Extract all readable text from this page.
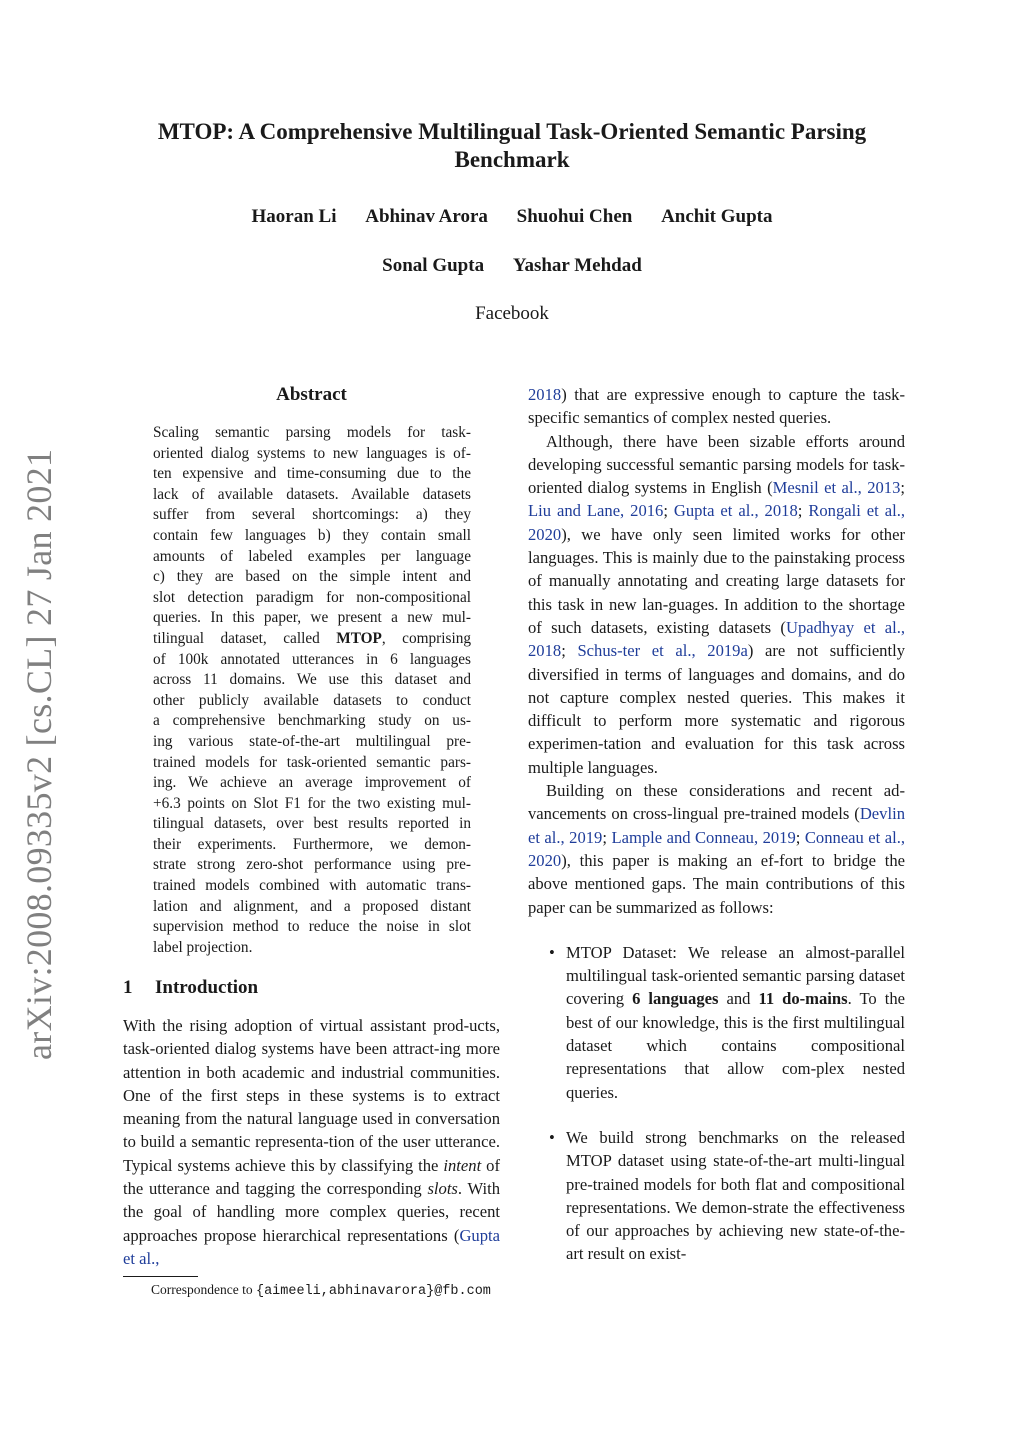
arXiv:2008.09335v2 [cs.CL] 27 Jan 2021
MTOP: A Comprehensive Multilingual Task-Oriented Semantic Parsing
Benchmark
Haoran Li Abhinav Arora Shuohui Chen Anchit Gupta
Sonal Gupta Yashar Mehdad
Facebook
Abstract
Scaling semantic parsing models for task-
oriented dialog systems to new languages is of-
ten expensive and time-consuming due to the
lack of available datasets. Available datasets
suffer from several shortcomings: a) they
contain few languages b) they contain small
amounts of labeled examples per language
c) they are based on the simple intent and
slot detection paradigm for non-compositional
queries. In this paper, we present a new mul-
tilingual dataset, called MTOP, comprising
of 100k annotated utterances in 6 languages
across 11 domains. We use this dataset and
other publicly available datasets to conduct
a comprehensive benchmarking study on us-
ing various state-of-the-art multilingual pre-
trained models for task-oriented semantic pars-
ing. We achieve an average improvement of
+6.3 points on Slot F1 for the two existing mul-
tilingual datasets, over best results reported in
their experiments. Furthermore, we demon-
strate strong zero-shot performance using pre-
trained models combined with automatic trans-
lation and alignment, and a proposed distant
supervision method to reduce the noise in slot
label projection.
1 Introduction

With the rising adoption of virtual assistant prod-ucts, task-oriented dialog systems have been attract-ing more attention in both academic and industrial communities. One of the first steps in these systems is to extract meaning from the natural language used in conversation to build a semantic representa-tion of the user utterance. Typical systems achieve this by classifying the intent of the utterance and tagging the corresponding slots. With the goal of handling more complex queries, recent approaches propose hierarchical representations (Gupta et al.,

Correspondence to {aimeeli,abhinavarora}@fb.com

2018) that are expressive enough to capture the task-specific semantics of complex nested queries.

Although, there have been sizable efforts around developing successful semantic parsing models for task-oriented dialog systems in English (Mesnil et al., 2013; Liu and Lane, 2016; Gupta et al., 2018; Rongali et al., 2020), we have only seen limited works for other languages. This is mainly due to the painstaking process of manually annotating and creating large datasets for this task in new lan-guages. In addition to the shortage of such datasets, existing datasets (Upadhyay et al., 2018; Schus-ter et al., 2019a) are not sufficiently diversified in terms of languages and domains, and do not capture complex nested queries. This makes it difficult to perform more systematic and rigorous experimen-tation and evaluation for this task across multiple languages.

Building on these considerations and recent ad-vancements on cross-lingual pre-trained models (Devlin et al., 2019; Lample and Conneau, 2019; Conneau et al., 2020), this paper is making an ef-fort to bridge the above mentioned gaps. The main contributions of this paper can be summarized as follows:

• MTOP Dataset: We release an almost-parallel multilingual task-oriented semantic parsing dataset covering 6 languages and 11 do-mains. To the best of our knowledge, this is the first multilingual dataset which contains compositional representations that allow com-plex nested queries.
• We build strong benchmarks on the released MTOP dataset using state-of-the-art multi-lingual pre-trained models for both flat and compositional representations. We demon-strate the effectiveness of our approaches by achieving new state-of-the-art result on exist-
